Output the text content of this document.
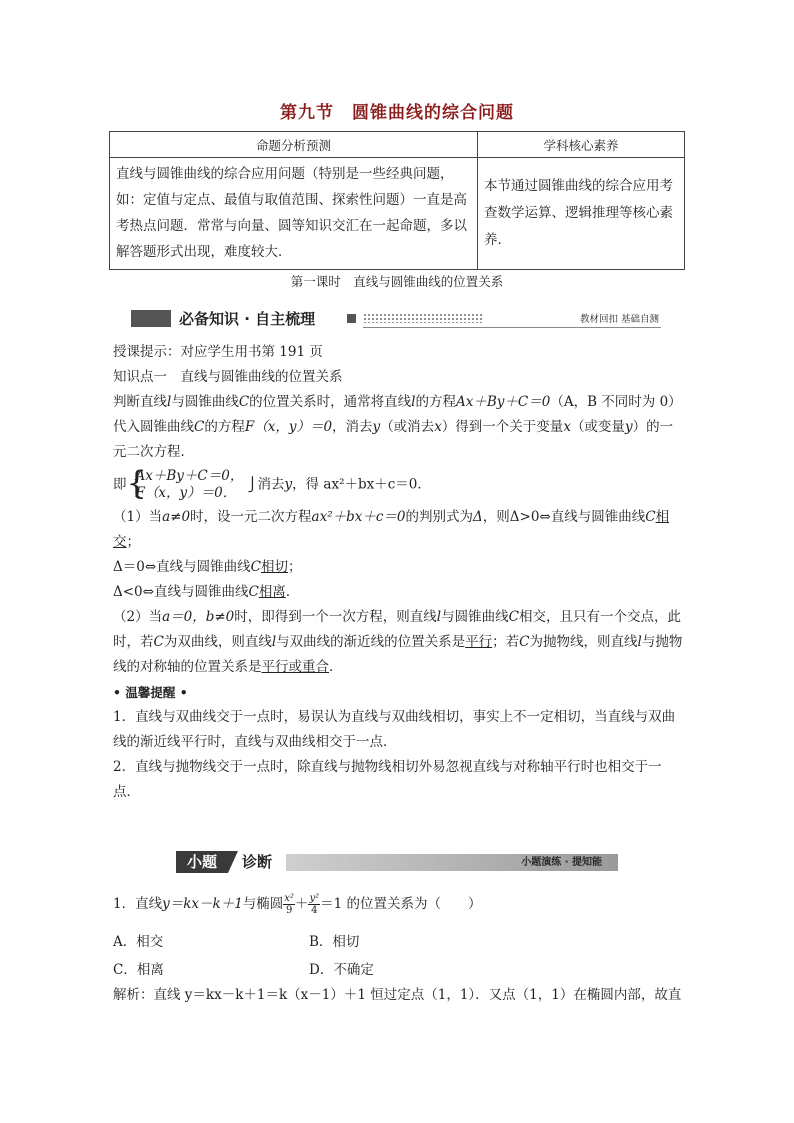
第九节　圆锥曲线的综合问题
命题分析预测	学科核心素养
直线与圆锥曲线的综合应用问题（特别是一些经典问题，如：定值与定点、最值与取值范围、探索性问题）一直是高考热点问题．常常与向量、圆等知识交汇在一起命题，多以解答题形式出现，难度较大．	本节通过圆锥曲线的综合应用考查数学运算、逻辑推理等核心素养．
第一课时　直线与圆锥曲线的位置关系
必备知识 · 自主梳理	教材回扣 基础自测

授课提示：对应学生用书第 191 页

知识点一　直线与圆锥曲线的位置关系

判断直线l与圆锥曲线C的位置关系时，通常将直线l的方程Ax＋By＋C＝0（A，B 不同时为 0）代入圆锥曲线C的方程F（x，y）＝0，消去y（或消去x）得到一个关于变量x（或变量y）的一元二次方程．

即 {
Ax＋By＋C＝0，
F（x，y）＝0．
⎭消去y，得 ax²＋bx＋c＝0．

（1）当a≠0时，设一元二次方程ax²＋bx＋c＝0的判别式为Δ，则Δ>0⇔直线与圆锥曲线C相交；

Δ＝0⇔直线与圆锥曲线C相切；

Δ<0⇔直线与圆锥曲线C相离．

（2）当a＝0，b≠0时，即得到一个一次方程，则直线l与圆锥曲线C相交，且只有一个交点，此时，若C为双曲线，则直线l与双曲线的渐近线的位置关系是平行；若C为抛物线，则直线l与抛物线的对称轴的位置关系是平行或重合．

• 温馨提醒 •

1．直线与双曲线交于一点时，易误认为直线与双曲线相切，事实上不一定相切，当直线与双曲线的渐近线平行时，直线与双曲线相交于一点．

2．直线与抛物线交于一点时，除直线与抛物线相切外易忽视直线与对称轴平行时也相交于一点．

小题	诊断	小题演练 · 提知能

1．直线y＝kx－k＋1与椭圆 $\frac{\text{x²}}{9} + \frac{\text{y²}}{4} =1$ 的位置关系为（　　）

A．相交	B．相切
C．相离	D．不确定

解析：直线 y＝kx－k＋1＝k（x－1）＋1 恒过定点（1，1）．又点（1，1）在椭圆内部，故直
